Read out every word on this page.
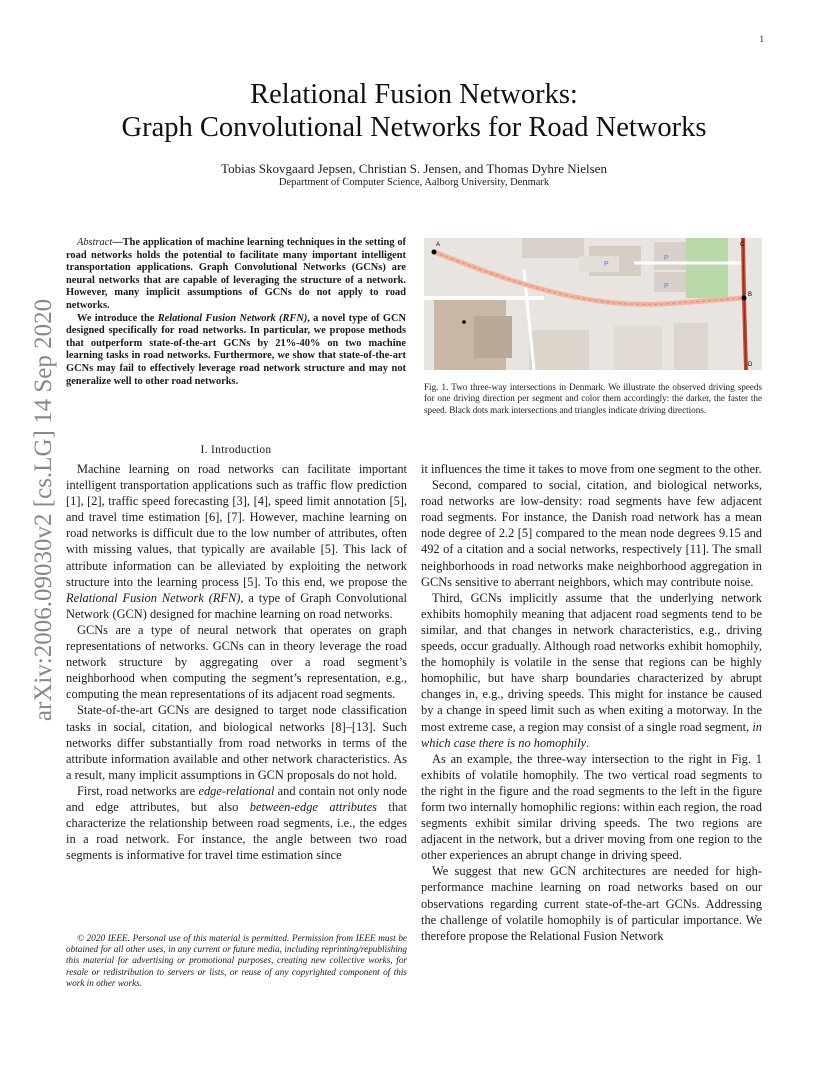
1
Relational Fusion Networks:
Graph Convolutional Networks for Road Networks
Tobias Skovgaard Jepsen, Christian S. Jensen, and Thomas Dyhre Nielsen
Department of Computer Science, Aalborg University, Denmark
arXiv:2006.09030v2 [cs.LG] 14 Sep 2020

Abstract—The application of machine learning techniques in the setting of road networks holds the potential to facilitate many important intelligent transportation applications. Graph Convolutional Networks (GCNs) are neural networks that are capable of leveraging the structure of a network. However, many implicit assumptions of GCNs do not apply to road networks.

We introduce the Relational Fusion Network (RFN), a novel type of GCN designed specifically for road networks. In particular, we propose methods that outperform state-of-the-art GCNs by 21%-40% on two machine learning tasks in road networks. Furthermore, we show that state-of-the-art GCNs may fail to effectively leverage road network structure and may not generalize well to other road networks.

P
P
P
A
B
C
D
Fig. 1. Two three-way intersections in Denmark. We illustrate the observed driving speeds for one driving direction per segment and color them accordingly: the darker, the faster the speed. Black dots mark intersections and triangles indicate driving directions.
I. Introduction

Machine learning on road networks can facilitate important intelligent transportation applications such as traffic flow prediction [1], [2], traffic speed forecasting [3], [4], speed limit annotation [5], and travel time estimation [6], [7]. However, machine learning on road networks is difficult due to the low number of attributes, often with missing values, that typically are available [5]. This lack of attribute information can be alleviated by exploiting the network structure into the learning process [5]. To this end, we propose the Relational Fusion Network (RFN), a type of Graph Convolutional Network (GCN) designed for machine learning on road networks.

GCNs are a type of neural network that operates on graph representations of networks. GCNs can in theory leverage the road network structure by aggregating over a road segment’s neighborhood when computing the segment’s representation, e.g., computing the mean representations of its adjacent road segments.

State-of-the-art GCNs are designed to target node classification tasks in social, citation, and biological networks [8]–[13]. Such networks differ substantially from road networks in terms of the attribute information available and other network characteristics. As a result, many implicit assumptions in GCN proposals do not hold.

First, road networks are edge-relational and contain not only node and edge attributes, but also between-edge attributes that characterize the relationship between road segments, i.e., the edges in a road network. For instance, the angle between two road segments is informative for travel time estimation since

© 2020 IEEE. Personal use of this material is permitted. Permission from IEEE must be obtained for all other uses, in any current or future media, including reprinting/republishing this material for advertising or promotional purposes, creating new collective works, for resale or redistribution to servers or lists, or reuse of any copyrighted component of this work in other works.

it influences the time it takes to move from one segment to the other.

Second, compared to social, citation, and biological networks, road networks are low-density: road segments have few adjacent road segments. For instance, the Danish road network has a mean node degree of 2.2 [5] compared to the mean node degrees 9.15 and 492 of a citation and a social networks, respectively [11]. The small neighborhoods in road networks make neighborhood aggregation in GCNs sensitive to aberrant neighbors, which may contribute noise.

Third, GCNs implicitly assume that the underlying network exhibits homophily meaning that adjacent road segments tend to be similar, and that changes in network characteristics, e.g., driving speeds, occur gradually. Although road networks exhibit homophily, the homophily is volatile in the sense that regions can be highly homophilic, but have sharp boundaries characterized by abrupt changes in, e.g., driving speeds. This might for instance be caused by a change in speed limit such as when exiting a motorway. In the most extreme case, a region may consist of a single road segment, in which case there is no homophily.

As an example, the three-way intersection to the right in Fig. 1 exhibits of volatile homophily. The two vertical road segments to the right in the figure and the road segments to the left in the figure form two internally homophilic regions: within each region, the road segments exhibit similar driving speeds. The two regions are adjacent in the network, but a driver moving from one region to the other experiences an abrupt change in driving speed.

We suggest that new GCN architectures are needed for high-performance machine learning on road networks based on our observations regarding current state-of-the-art GCNs. Addressing the challenge of volatile homophily is of particular importance. We therefore propose the Relational Fusion Network
